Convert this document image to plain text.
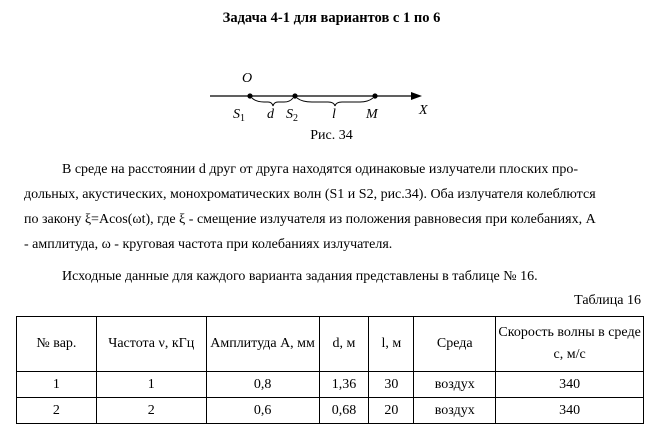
Задача 4-1 для вариантов с 1 по 6
O
$S_1$ d $S_2$ l M	X
Рис. 34
В среде на расстоянии d друг от друга находятся одинаковые излучатели плоских про-
дольных, акустических, монохроматических волн (S1 и S2, рис.34). Оба излучателя колеблются
по закону ξ=Acos(ωt), где ξ - смещение излучателя из положения равновесия при колебаниях, A
- амплитуда, ω - круговая частота при колебаниях излучателя.
Исходные данные для каждого варианта задания представлены в таблице № 16.
Таблица 16
№ вар.	Частота ν, кГц	Амплитуда A, мм	d, м	l, м	Среда	Скорость волны в среде c, м/с
1	1	0,8	1,36	30	воздух	340
2	2	0,6	0,68	20	воздух	340
